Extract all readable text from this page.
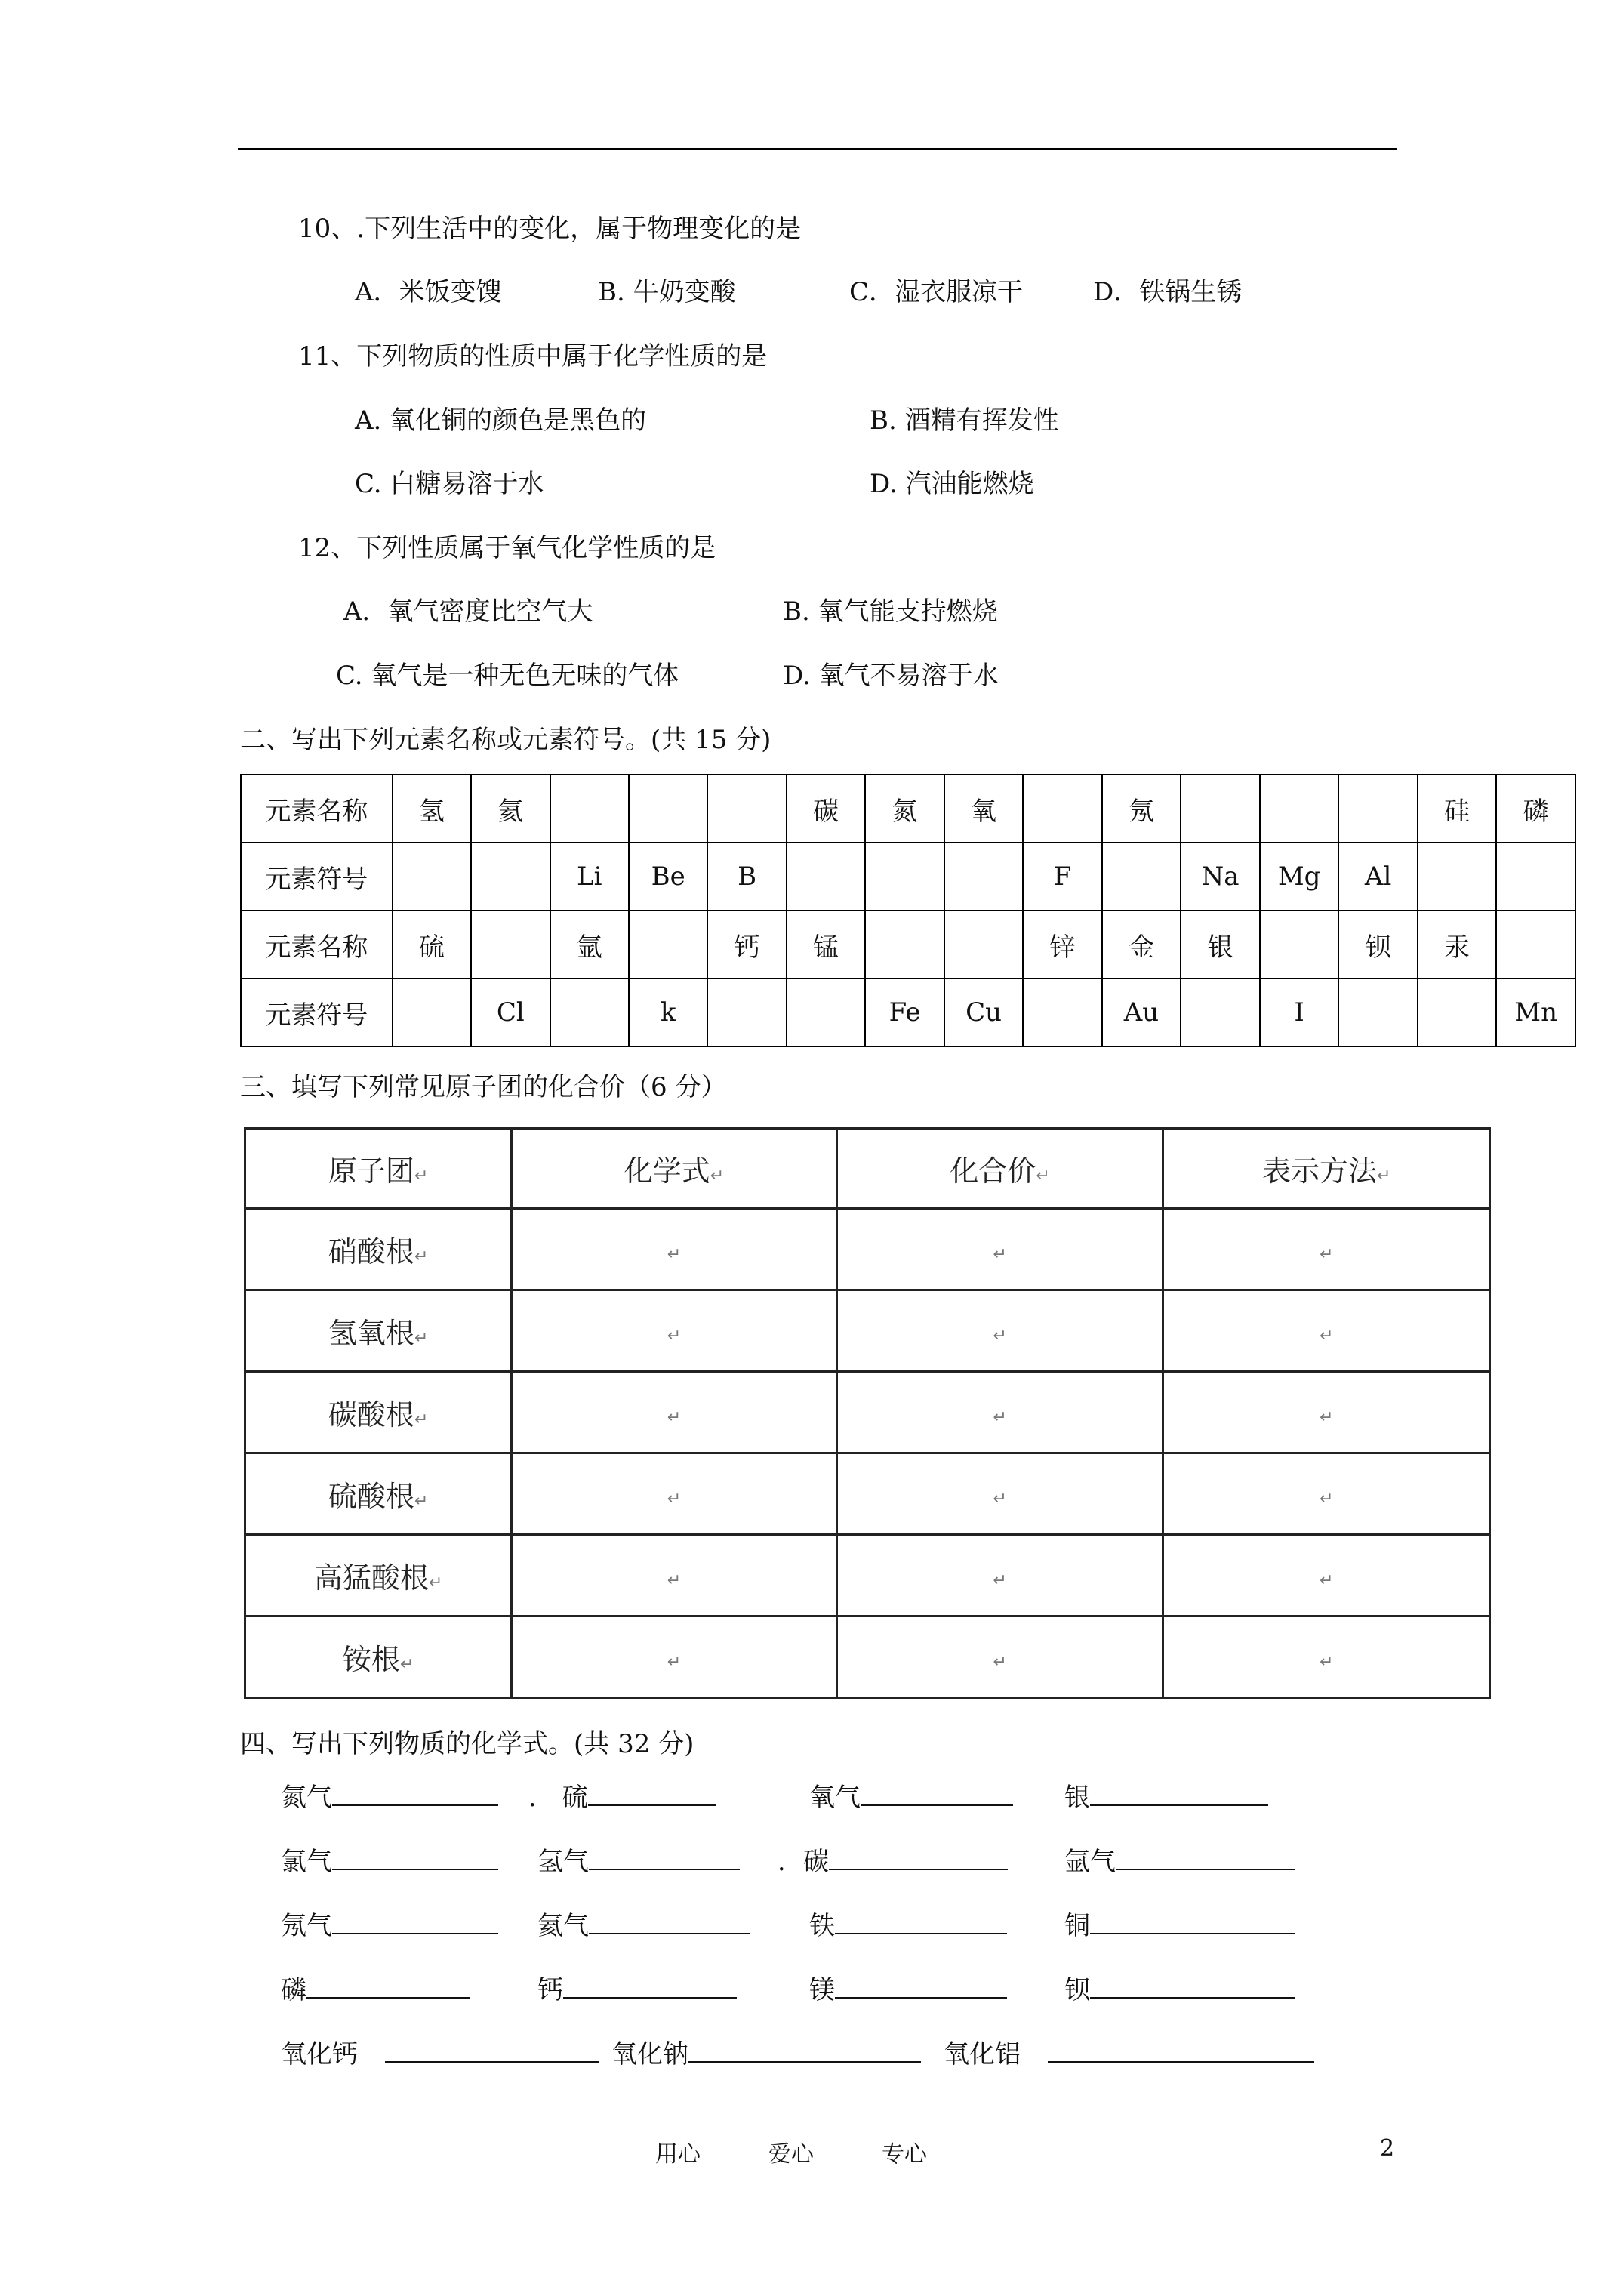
10、.下列生活中的变化，属于物理变化的是
A．米饭变馊	B. 牛奶变酸	C．湿衣服凉干	D．铁锅生锈
11、下列物质的性质中属于化学性质的是
A. 氧化铜的颜色是黑色的	B. 酒精有挥发性
C. 白糖易溶于水	D. 汽油能燃烧
12、下列性质属于氧气化学性质的是
A．氧气密度比空气大	B. 氧气能支持燃烧
C. 氧气是一种无色无味的气体	D. 氧气不易溶于水
二、写出下列元素名称或元素符号。(共 15 分)
元素名称	氢	氦				碳	氮	氧		氖				硅	磷
元素符号			Li	Be	B				F		Na	Mg	Al		
元素名称	硫		氩		钙	锰			锌	金	银		钡	汞	
元素符号		Cl		k			Fe	Cu		Au		I			Mn
三、填写下列常见原子团的化合价（6 分）
原子团↵	化学式↵	化合价↵	表示方法↵
硝酸根↵	↵	↵	↵
氢氧根↵	↵	↵	↵
碳酸根↵	↵	↵	↵
硫酸根↵	↵	↵	↵
高猛酸根↵	↵	↵	↵
铵根↵	↵	↵	↵
四、写出下列物质的化学式。(共 32 分)
氮气	． 硫	氧气	银
氯气	氢气	．碳	氩气
氖气	氦气	铁	铜
磷	钙	镁	钡
氧化钙	氧化钠	氧化铝
用心	爱心	专心	2
